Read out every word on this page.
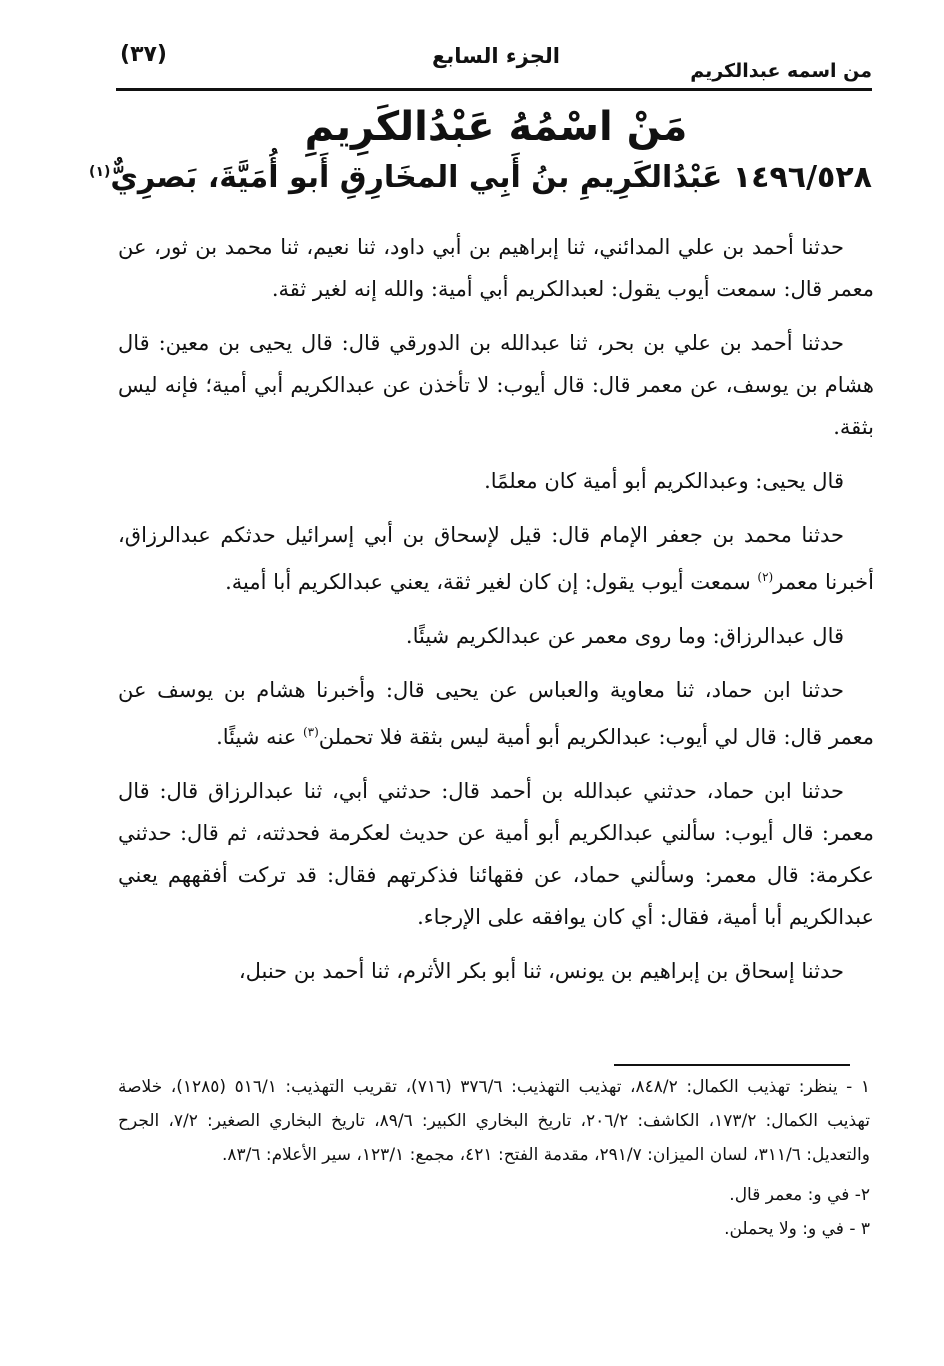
من اسمه عبدالكريم
الجزء السابع
(٣٧)
مَنْ اسْمُهُ عَبْدُالكَرِيمِ
١٤٩٦/٥٢٨ عَبْدُالكَرِيمِ بنُ أَبِي المخَارِقِ أَبو أُمَيَّةَ، بَصرِيٌّ$^{(١)}$

حدثنا أحمد بن علي المدائني، ثنا إبراهيم بن أبي داود، ثنا نعيم، ثنا محمد بن ثور، عن معمر قال: سمعت أيوب يقول: لعبدالكريم أبي أمية: والله إنه لغير ثقة.

حدثنا أحمد بن علي بن بحر، ثنا عبدالله بن الدورقي قال: قال يحيى بن معين: قال هشام بن يوسف، عن معمر قال: قال أيوب: لا تأخذن عن عبدالكريم أبي أمية؛ فإنه ليس بثقة.

قال يحيى: وعبدالكريم أبو أمية كان معلمًا.

حدثنا محمد بن جعفر الإمام قال: قيل لإسحاق بن أبي إسرائيل حدثكم عبدالرزاق، أخبرنا معمر$^{(٢)}$ سمعت أيوب يقول: إن كان لغير ثقة، يعني عبدالكريم أبا أمية.

قال عبدالرزاق: وما روى معمر عن عبدالكريم شيئًا.

حدثنا ابن حماد، ثنا معاوية والعباس عن يحيى قال: وأخبرنا هشام بن يوسف عن معمر قال: قال لي أيوب: عبدالكريم أبو أمية ليس بثقة فلا تحملن$^{(٣)}$ عنه شيئًا.

حدثنا ابن حماد، حدثني عبدالله بن أحمد قال: حدثني أبي، ثنا عبدالرزاق قال: قال معمر: قال أيوب: سألني عبدالكريم أبو أمية عن حديث لعكرمة فحدثته، ثم قال: حدثني عكرمة: قال معمر: وسألني حماد، عن فقهائنا فذكرتهم فقال: قد تركت أفقههم يعني عبدالكريم أبا أمية، فقال: أي كان يوافقه على الإرجاء.

حدثنا إسحاق بن إبراهيم بن يونس، ثنا أبو بكر الأثرم، ثنا أحمد بن حنبل،

١ - ينظر: تهذيب الكمال: ٨٤٨/٢، تهذيب التهذيب: ٣٧٦/٦ (٧١٦)، تقريب التهذيب: ٥١٦/١ (١٢٨٥)، خلاصة تهذيب الكمال: ١٧٣/٢، الكاشف: ٢٠٦/٢، تاريخ البخاري الكبير: ٨٩/٦، تاريخ البخاري الصغير: ٧/٢، الجرح والتعديل: ٣١١/٦، لسان الميزان: ٢٩١/٧، مقدمة الفتح: ٤٢١، مجمع: ١٢٣/١، سير الأعلام: ٨٣/٦.

٢- في و: معمر قال.

٣ - في و: ولا يحملن.
